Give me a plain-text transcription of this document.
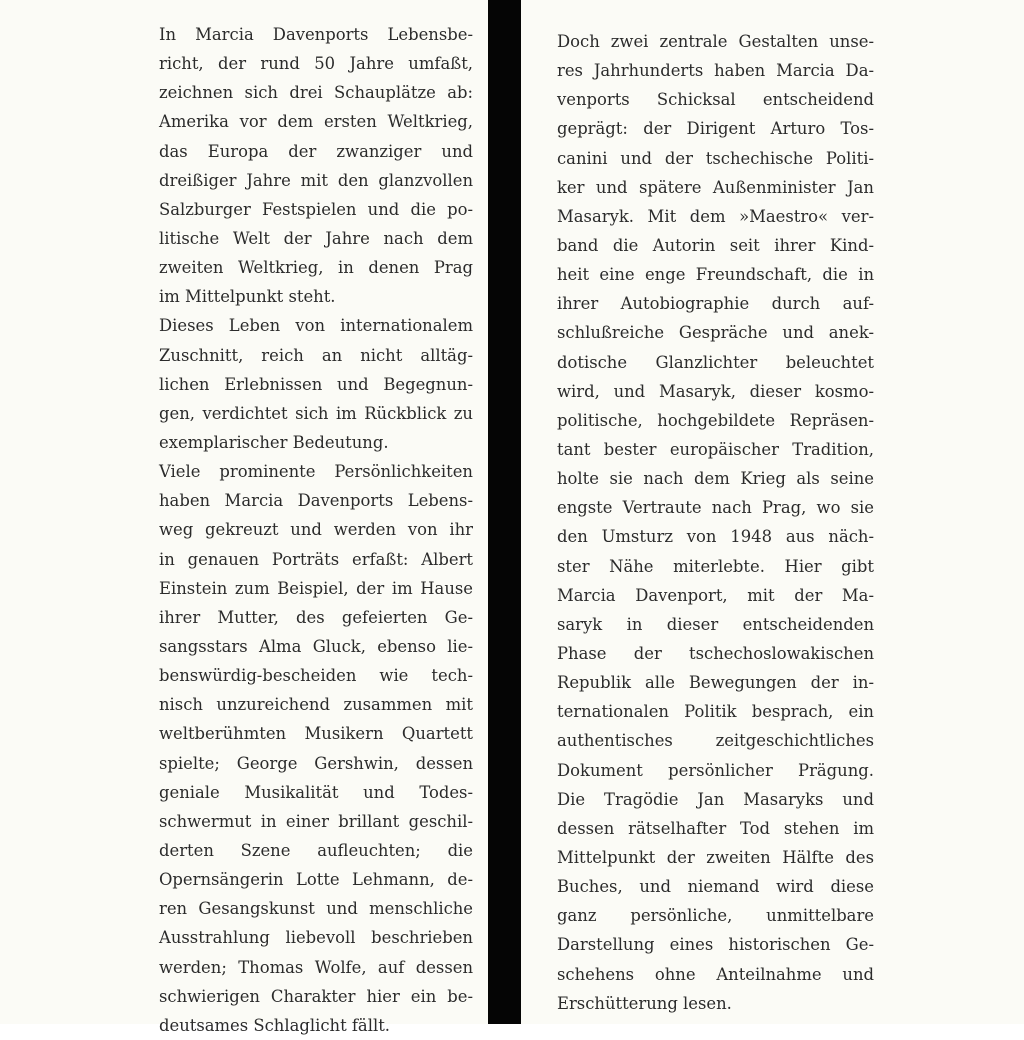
In Marcia Davenports Lebensbe-
richt, der rund 50 Jahre umfaßt,
zeichnen sich drei Schauplätze ab:
Amerika vor dem ersten Weltkrieg,
das Europa der zwanziger und
dreißiger Jahre mit den glanzvollen
Salzburger Festspielen und die po-
litische Welt der Jahre nach dem
zweiten Weltkrieg, in denen Prag
im Mittelpunkt steht.
Dieses Leben von internationalem
Zuschnitt, reich an nicht alltäg-
lichen Erlebnissen und Begegnun-
gen, verdichtet sich im Rückblick zu
exemplarischer Bedeutung.
Viele prominente Persönlichkeiten
haben Marcia Davenports Lebens-
weg gekreuzt und werden von ihr
in genauen Porträts erfaßt: Albert
Einstein zum Beispiel, der im Hause
ihrer Mutter, des gefeierten Ge-
sangsstars Alma Gluck, ebenso lie-
benswürdig-bescheiden wie tech-
nisch unzureichend zusammen mit
weltberühmten Musikern Quartett
spielte; George Gershwin, dessen
geniale Musikalität und Todes-
schwermut in einer brillant geschil-
derten Szene aufleuchten; die
Opernsängerin Lotte Lehmann, de-
ren Gesangskunst und menschliche
Ausstrahlung liebevoll beschrieben
werden; Thomas Wolfe, auf dessen
schwierigen Charakter hier ein be-
deutsames Schlaglicht fällt.
Doch zwei zentrale Gestalten unse-
res Jahrhunderts haben Marcia Da-
venports Schicksal entscheidend
geprägt: der Dirigent Arturo Tos-
canini und der tschechische Politi-
ker und spätere Außenminister Jan
Masaryk. Mit dem »Maestro« ver-
band die Autorin seit ihrer Kind-
heit eine enge Freundschaft, die in
ihrer Autobiographie durch auf-
schlußreiche Gespräche und anek-
dotische Glanzlichter beleuchtet
wird, und Masaryk, dieser kosmo-
politische, hochgebildete Repräsen-
tant bester europäischer Tradition,
holte sie nach dem Krieg als seine
engste Vertraute nach Prag, wo sie
den Umsturz von 1948 aus näch-
ster Nähe miterlebte. Hier gibt
Marcia Davenport, mit der Ma-
saryk in dieser entscheidenden
Phase der tschechoslowakischen
Republik alle Bewegungen der in-
ternationalen Politik besprach, ein
authentisches zeitgeschichtliches
Dokument persönlicher Prägung.
Die Tragödie Jan Masaryks und
dessen rätselhafter Tod stehen im
Mittelpunkt der zweiten Hälfte des
Buches, und niemand wird diese
ganz persönliche, unmittelbare
Darstellung eines historischen Ge-
schehens ohne Anteilnahme und
Erschütterung lesen.
